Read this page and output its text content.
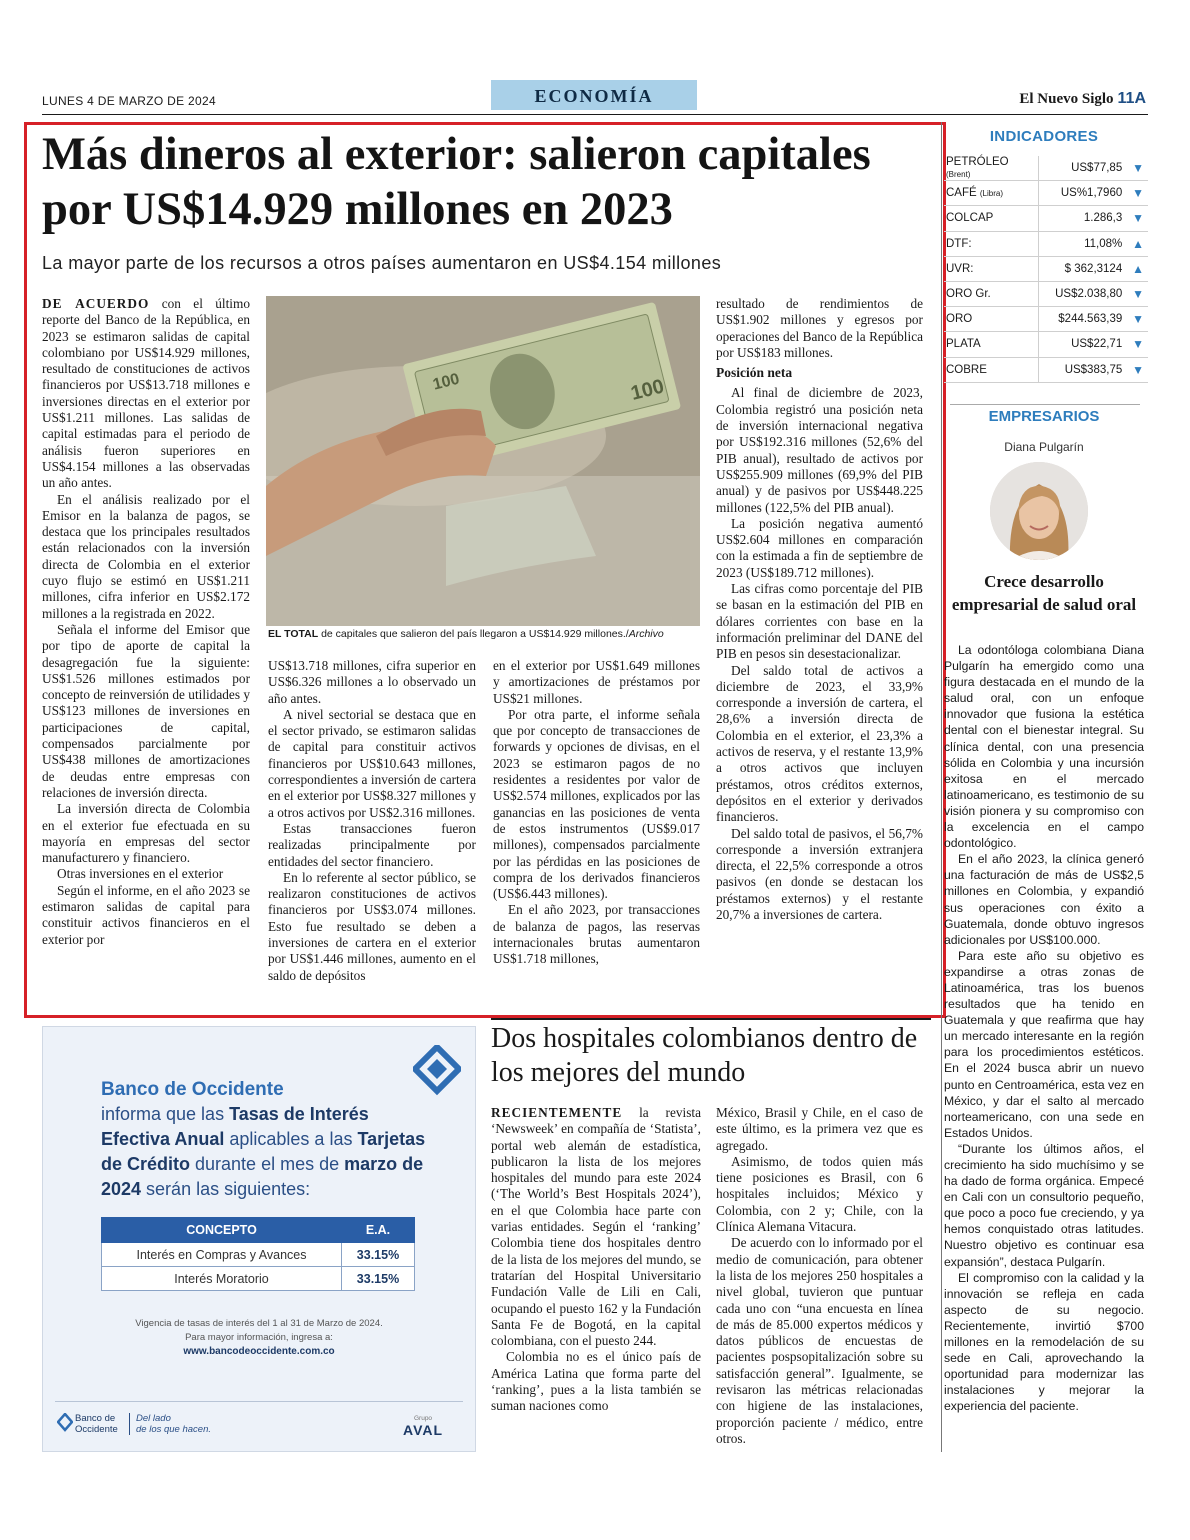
LUNES 4 DE MARZO DE 2024	ECONOMÍA	El Nuevo Siglo 11A
Más dineros al exterior: salieron capitales por US$14.929 millones en 2023
La mayor parte de los recursos a otros países aumentaron en US$4.154 millones
100
100
EL TOTAL de capitales que salieron del país llegaron a US$14.929 millones./Archivo

DE ACUERDO con el último reporte del Banco de la República, en 2023 se estimaron salidas de capital colombiano por US$14.929 millones, resultado de constituciones de activos financieros por US$13.718 millones e inversiones directas en el exterior por US$1.211 millones. Las salidas de capital estimadas para el periodo de análisis fueron superiores en US$4.154 millones a las observadas un año antes.

En el análisis realizado por el Emisor en la balanza de pagos, se destaca que los principales resultados están relacionados con la inversión directa de Colombia en el exterior cuyo flujo se estimó en US$1.211 millones, cifra inferior en US$2.172 millones a la registrada en 2022.

Señala el informe del Emisor que por tipo de aporte de capital la desagregación fue la siguiente: US$1.526 millones estimados por concepto de reinversión de utilidades y US$123 millones de inversiones en participaciones de capital, compensados parcialmente por US$438 millones de amortizaciones de deudas entre empresas con relaciones de inversión directa.

La inversión directa de Colombia en el exterior fue efectuada en su mayoría en empresas del sector manufacturero y financiero.

Otras inversiones en el exterior

Según el informe, en el año 2023 se estimaron salidas de capital para constituir activos financieros en el exterior por

US$13.718 millones, cifra superior en US$6.326 millones a lo observado un año antes.

A nivel sectorial se destaca que en el sector privado, se estimaron salidas de capital para constituir activos financieros por US$10.643 millones, correspondientes a inversión de cartera en el exterior por US$8.327 millones y a otros activos por US$2.316 millones.

Estas transacciones fueron realizadas principalmente por entidades del sector financiero.

En lo referente al sector público, se realizaron constituciones de activos financieros por US$3.074 millones. Esto fue resultado se deben a inversiones de cartera en el exterior por US$1.446 millones, aumento en el saldo de depósitos

en el exterior por US$1.649 millones y amortizaciones de préstamos por US$21 millones.

Por otra parte, el informe señala que por concepto de transacciones de forwards y opciones de divisas, en el 2023 se estimaron pagos de no residentes a residentes por valor de US$2.574 millones, explicados por las ganancias en las posiciones de venta de estos instrumentos (US$9.017 millones), compensados parcialmente por las pérdidas en las posiciones de compra de los derivados financieros (US$6.443 millones).

En el año 2023, por transacciones de balanza de pagos, las reservas internacionales brutas aumentaron US$1.718 millones,

resultado de rendimientos de US$1.902 millones y egresos por operaciones del Banco de la República por US$183 millones.

Posición neta

Al final de diciembre de 2023, Colombia registró una posición neta de inversión internacional negativa por US$192.316 millones (52,6% del PIB anual), resultado de activos por US$255.909 millones (69,9% del PIB anual) y de pasivos por US$448.225 millones (122,5% del PIB anual).

La posición negativa aumentó US$2.604 millones en comparación con la estimada a fin de septiembre de 2023 (US$189.712 millones).

Las cifras como porcentaje del PIB se basan en la estimación del PIB en dólares corrientes con base en la información preliminar del DANE del PIB en pesos sin desestacionalizar.

Del saldo total de activos a diciembre de 2023, el 33,9% corresponde a inversión de cartera, el 28,6% a inversión directa de Colombia en el exterior, el 23,3% a activos de reserva, y el restante 13,9% a otros activos que incluyen préstamos, otros créditos externos, depósitos en el exterior y derivados financieros.

Del saldo total de pasivos, el 56,7% corresponde a inversión extranjera directa, el 22,5% corresponde a otros pasivos (en donde se destacan los préstamos externos) y el restante 20,7% a inversiones de cartera.

INDICADORES
PETRÓLEO (Brent)	US$77,85	▼
CAFÉ (Libra)	US%1,7960	▼
COLCAP	1.286,3	▼
DTF:	11,08%	▲
UVR:	$ 362,3124	▲
ORO Gr.	US$2.038,80	▼
ORO	$244.563,39	▼
PLATA	US$22,71	▼
COBRE	US$383,75	▼
EMPRESARIOS
Diana Pulgarín
Crece desarrollo empresarial de salud oral

La odontóloga colombiana Diana Pulgarín ha emergido como una figura destacada en el mundo de la salud oral, con un enfoque innovador que fusiona la estética dental con el bienestar integral. Su clínica dental, con una presencia sólida en Colombia y una incursión exitosa en el mercado latinoamericano, es testimonio de su visión pionera y su compromiso con la excelencia en el campo odontológico.

En el año 2023, la clínica generó una facturación de más de US$2,5 millones en Colombia, y expandió sus operaciones con éxito a Guatemala, donde obtuvo ingresos adicionales por US$100.000.

Para este año su objetivo es expandirse a otras zonas de Latinoamérica, tras los buenos resultados que ha tenido en Guatemala y que reafirma que hay un mercado interesante en la región para los procedimientos estéticos. En el 2024 busca abrir un nuevo punto en Centroamérica, esta vez en México, y dar el salto al mercado norteamericano, con una sede en Estados Unidos.

“Durante los últimos años, el crecimiento ha sido muchísimo y se ha dado de forma orgánica. Empecé en Cali con un consultorio pequeño, que poco a poco fue creciendo, y ya hemos conquistado otras latitudes. Nuestro objetivo es continuar esa expansión”, destaca Pulgarín.

El compromiso con la calidad y la innovación se refleja en cada aspecto de su negocio. Recientemente, invirtió $700 millones en la remodelación de su sede en Cali, aprovechando la oportunidad para modernizar las instalaciones y mejorar la experiencia del paciente.

Dos hospitales colombianos dentro de los mejores del mundo

RECIENTEMENTE la revista ‘Newsweek’ en compañía de ‘Statista’, portal web alemán de estadística, publicaron la lista de los mejores hospitales del mundo para este 2024 (‘The World’s Best Hospitals 2024’), en el que Colombia hace parte con varias entidades. Según el ‘ranking’ Colombia tiene dos hospitales dentro de la lista de los mejores del mundo, se tratarían del Hospital Universitario Fundación Valle de Lili en Cali, ocupando el puesto 162 y la Fundación Santa Fe de Bogotá, en la capital colombiana, con el puesto 244.

Colombia no es el único país de América Latina que forma parte del ‘ranking’, pues a la lista también se suman naciones como

México, Brasil y Chile, en el caso de este último, es la primera vez que es agregado.

Asimismo, de todos quien más tiene posiciones es Brasil, con 6 hospitales incluidos; México y Colombia, con 2 y; Chile, con la Clínica Alemana Vitacura.

De acuerdo con lo informado por el medio de comunicación, para obtener la lista de los mejores 250 hospitales a nivel global, tuvieron que puntuar cada uno con “una encuesta en línea de más de 85.000 expertos médicos y datos públicos de encuestas de pacientes pospsopitalización sobre su satisfacción general”. Igualmente, se revisaron las métricas relacionadas con higiene de las instalaciones, proporción paciente / médico, entre otros.

Banco de Occidente
informa que las Tasas de Interés Efectiva Anual aplicables a las Tarjetas de Crédito durante el mes de marzo de 2024 serán las siguientes:
CONCEPTO	E.A.
Interés en Compras y Avances	33.15%
Interés Moratorio	33.15%
Vigencia de tasas de interés del 1 al 31 de Marzo de 2024.
Para mayor información, ingresa a:
www.bancodeoccidente.com.co
Banco de
Occidente
Del lado
de los que hacen.
Grupo
AVAL
